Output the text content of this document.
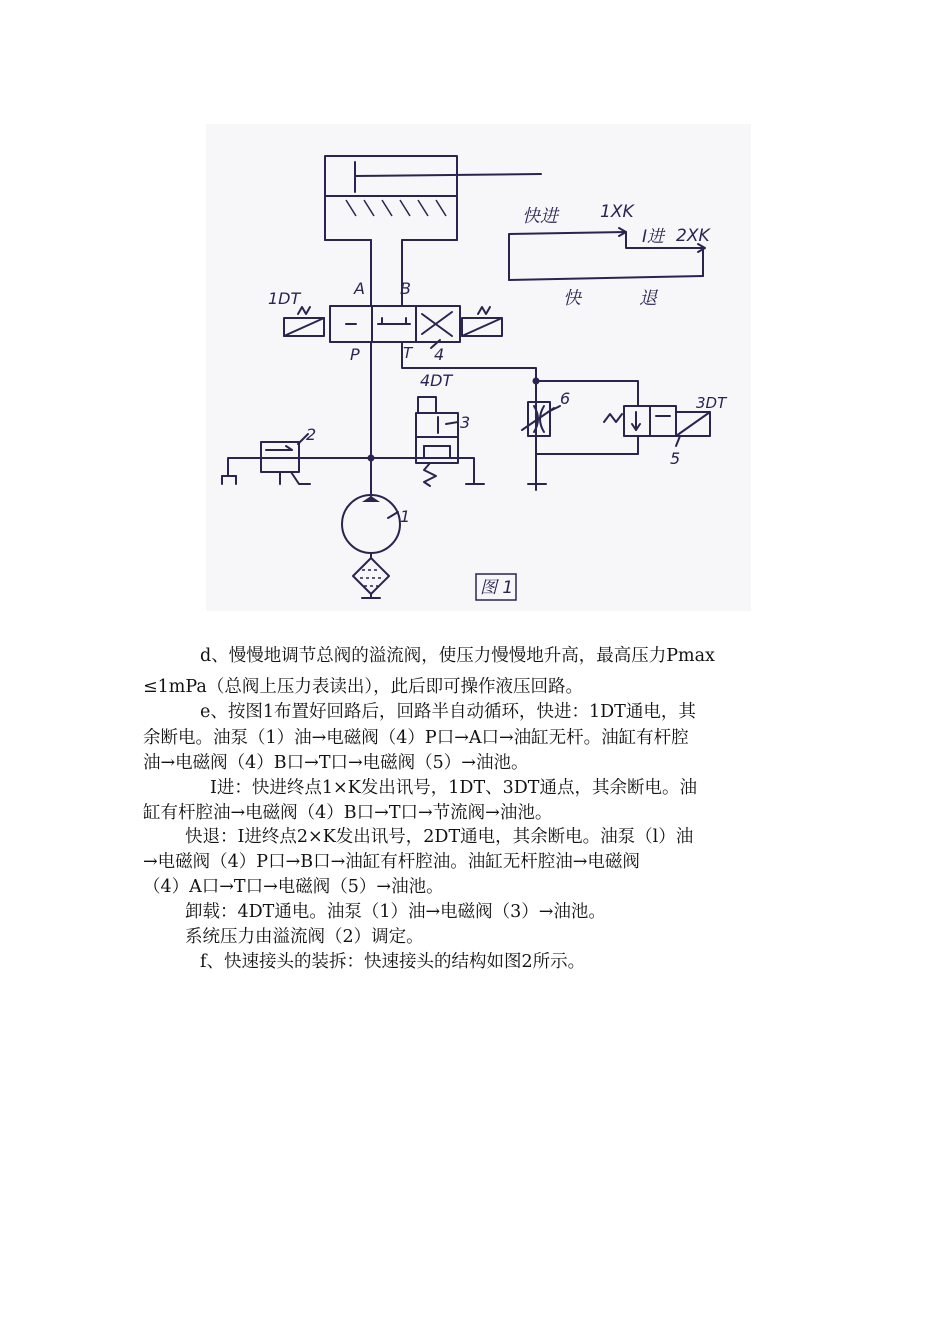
快进 1XK
I进 2XK
快	退
1DT
A B
P	T 4
2
4DT
3
6	3DT
5
1
图 1
d、慢慢地调节总阀的溢流阀，使压力慢慢地升高，最高压力Pmax
≤1mPa（总阀上压力表读出），此后即可操作液压回路。
e、按图1布置好回路后，回路半自动循环，快进：1DT通电，其
余断电。油泵（1）油→电磁阀（4）P口→A口→油缸无杆。油缸有杆腔
油→电磁阀（4）B口→T口→电磁阀（5）→油池。
Ⅰ进：快进终点1×K发出讯号，1DT、3DT通点，其余断电。油
缸有杆腔油→电磁阀（4）B口→T口→节流阀→油池。
快退：I进终点2×K发出讯号，2DT通电，其余断电。油泵（l）油
→电磁阀（4）P口→B口→油缸有杆腔油。油缸无杆腔油→电磁阀
（4）A口→T口→电磁阀（5）→油池。
卸载：4DT通电。油泵（1）油→电磁阀（3）→油池。
系统压力由溢流阀（2）调定。
f、快速接头的装拆：快速接头的结构如图2所示。
